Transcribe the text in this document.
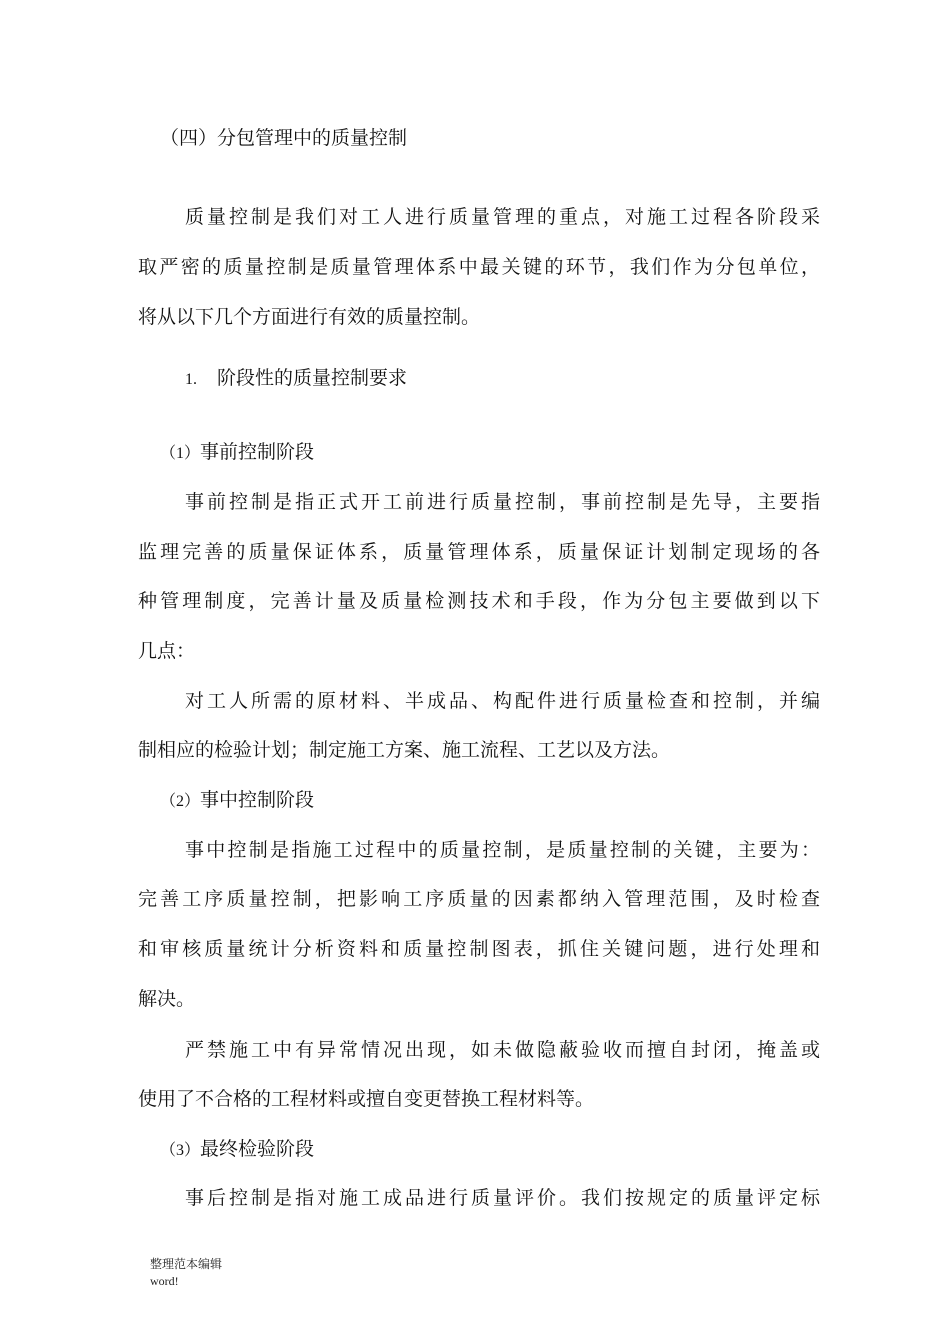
（四）分包管理中的质量控制
质量控制是我们对工人进行质量管理的重点，对施工过程各阶段采
取严密的质量控制是质量管理体系中最关键的环节，我们作为分包单位，
将从以下几个方面进行有效的质量控制。
1. 阶段性的质量控制要求
（1）事前控制阶段
事前控制是指正式开工前进行质量控制，事前控制是先导，主要指
监理完善的质量保证体系，质量管理体系，质量保证计划制定现场的各
种管理制度，完善计量及质量检测技术和手段，作为分包主要做到以下
几点：
对工人所需的原材料、半成品、构配件进行质量检查和控制，并编
制相应的检验计划；制定施工方案、施工流程、工艺以及方法。
（2）事中控制阶段
事中控制是指施工过程中的质量控制，是质量控制的关键，主要为：
完善工序质量控制，把影响工序质量的因素都纳入管理范围，及时检查
和审核质量统计分析资料和质量控制图表，抓住关键问题，进行处理和
解决。
严禁施工中有异常情况出现，如未做隐蔽验收而擅自封闭，掩盖或
使用了不合格的工程材料或擅自变更替换工程材料等。
（3）最终检验阶段
事后控制是指对施工成品进行质量评价。我们按规定的质量评定标
整理范本编辑
word!
